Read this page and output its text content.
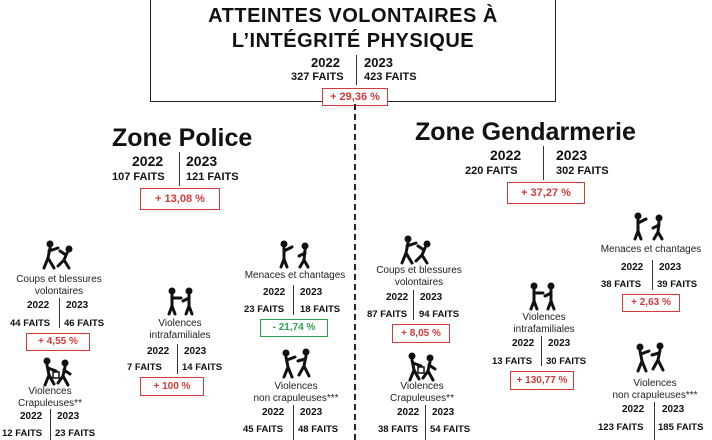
ATTEINTES VOLONTAIRES À
L’INTÉGRITÉ PHYSIQUE
2022 2023
327 FAITS 423 FAITS
+ 29,36 %
Zone Police
2022 2023
107 FAITS 121 FAITS
+ 13,08 %
Coups et blessures
volontaires
2022 2023
44 FAITS 46 FAITS
+ 4,55 %
Violences
intrafamiliales
2022 2023
7 FAITS 14 FAITS
+ 100 %
Menaces et chantages
2022 2023
23 FAITS 18 FAITS
- 21,74 %
Violences
Crapuleuses**
2022 2023
12 FAITS 23 FAITS
Violences
non crapuleuses***
2022 2023
45 FAITS 48 FAITS
Zone Gendarmerie
2022 2023
220 FAITS	302 FAITS
+ 37,27 %
Coups et blessures
volontaires
2022 2023
87 FAITS 94 FAITS
+ 8,05 %
Violences
intrafamiliales
2022 2023
13 FAITS 30 FAITS
+ 130,77 %
Menaces et chantages
2022 2023
38 FAITS 39 FAITS
+ 2,63 %
Violences
Crapuleuses**
2022 2023
38 FAITS 54 FAITS
Violences
non crapuleuses***
2022 2023
123 FAITS 185 FAITS
